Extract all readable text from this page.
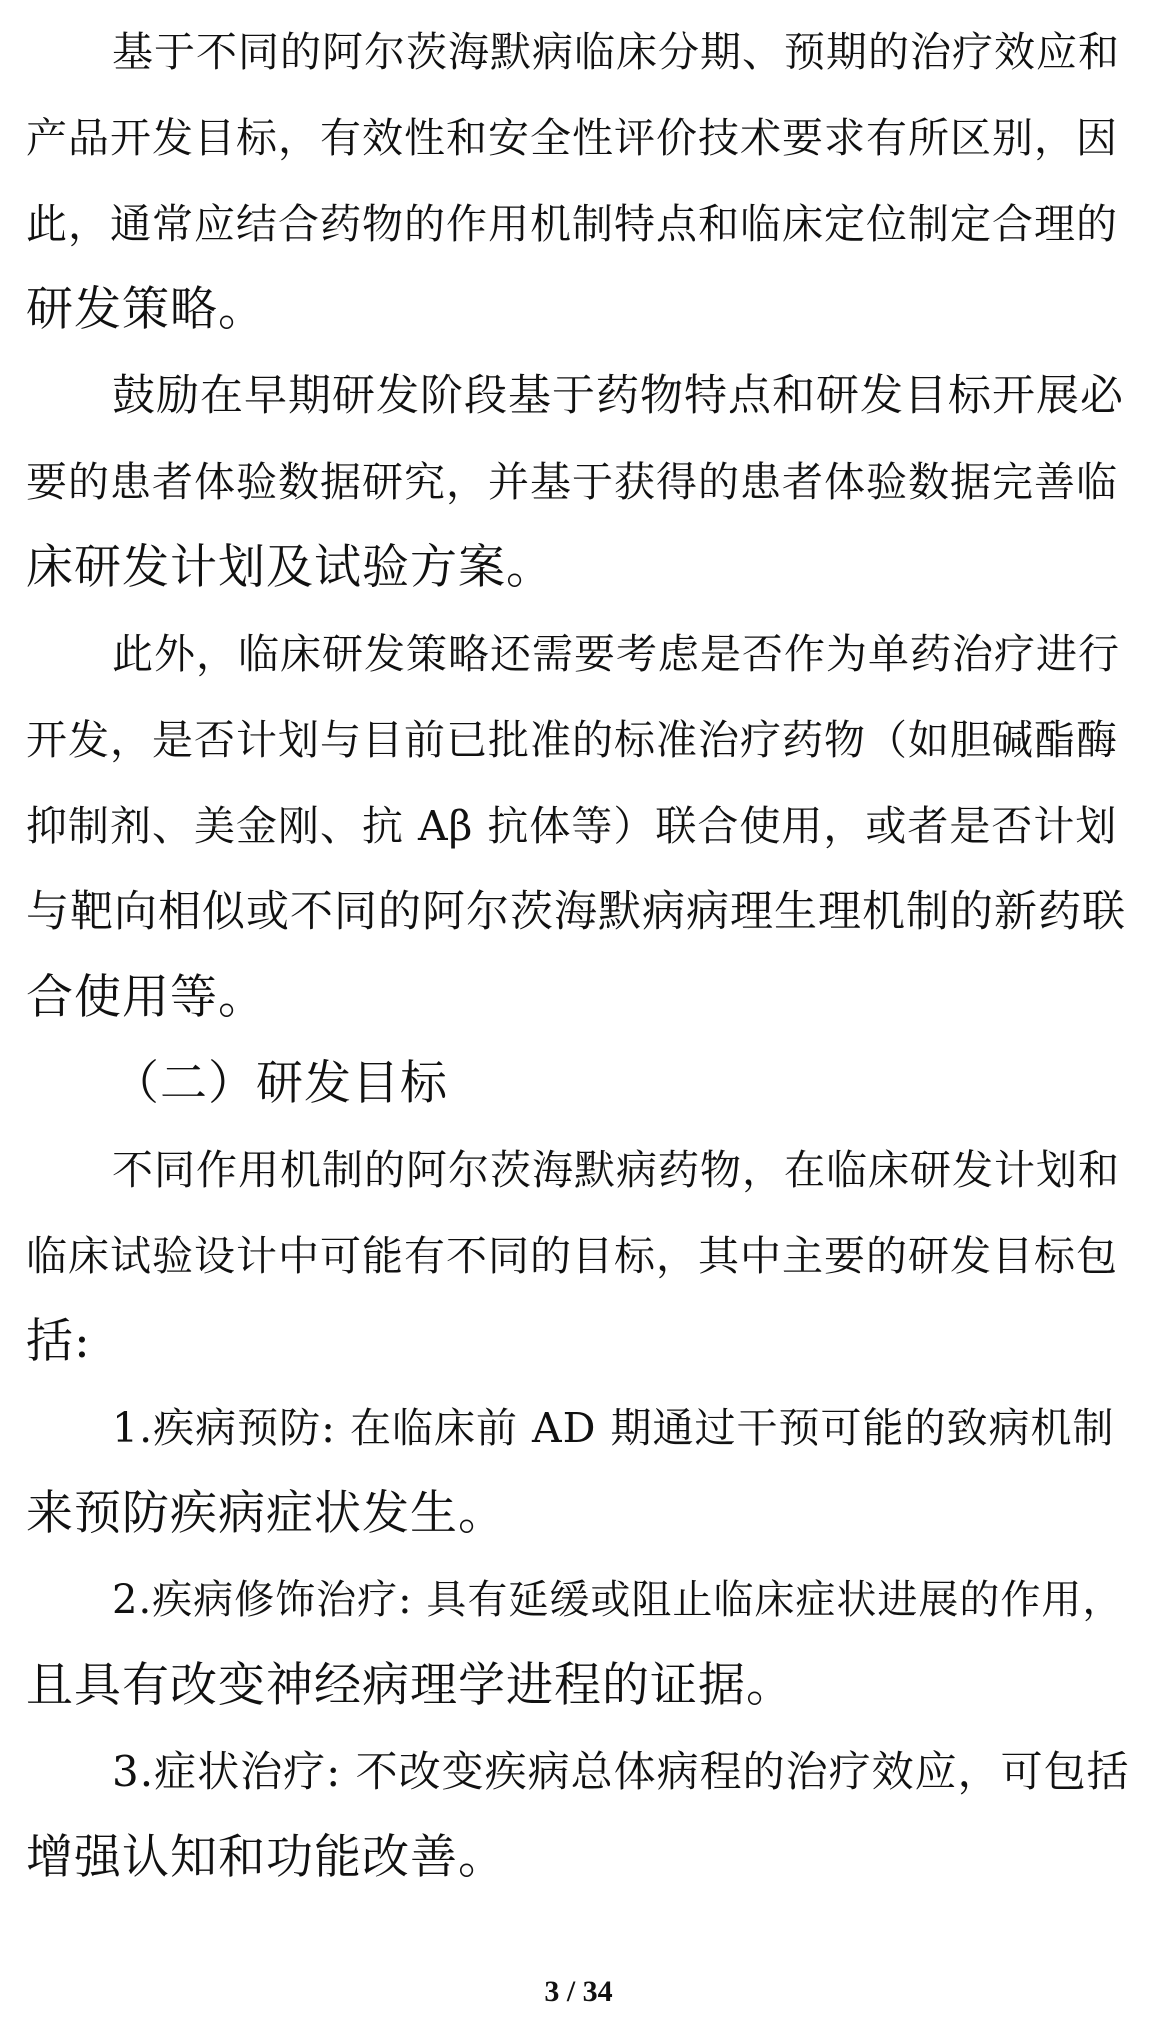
基于不同的阿尔茨海默病临床分期、预期的治疗效应和
产品开发目标，有效性和安全性评价技术要求有所区别，因
此，通常应结合药物的作用机制特点和临床定位制定合理的
研发策略。
鼓励在早期研发阶段基于药物特点和研发目标开展必
要的患者体验数据研究，并基于获得的患者体验数据完善临
床研发计划及试验方案。
此外，临床研发策略还需要考虑是否作为单药治疗进行
开发，是否计划与目前已批准的标准治疗药物（如胆碱酯酶
抑制剂、美金刚、抗 Aβ 抗体等）联合使用，或者是否计划
与靶向相似或不同的阿尔茨海默病病理生理机制的新药联
合使用等。
（二）研发目标
不同作用机制的阿尔茨海默病药物，在临床研发计划和
临床试验设计中可能有不同的目标，其中主要的研发目标包
括:
1.疾病预防: 在临床前 AD 期通过干预可能的致病机制
来预防疾病症状发生。
2.疾病修饰治疗: 具有延缓或阻止临床症状进展的作用，
且具有改变神经病理学进程的证据。
3.症状治疗: 不改变疾病总体病程的治疗效应，可包括
增强认知和功能改善。
3 / 34
